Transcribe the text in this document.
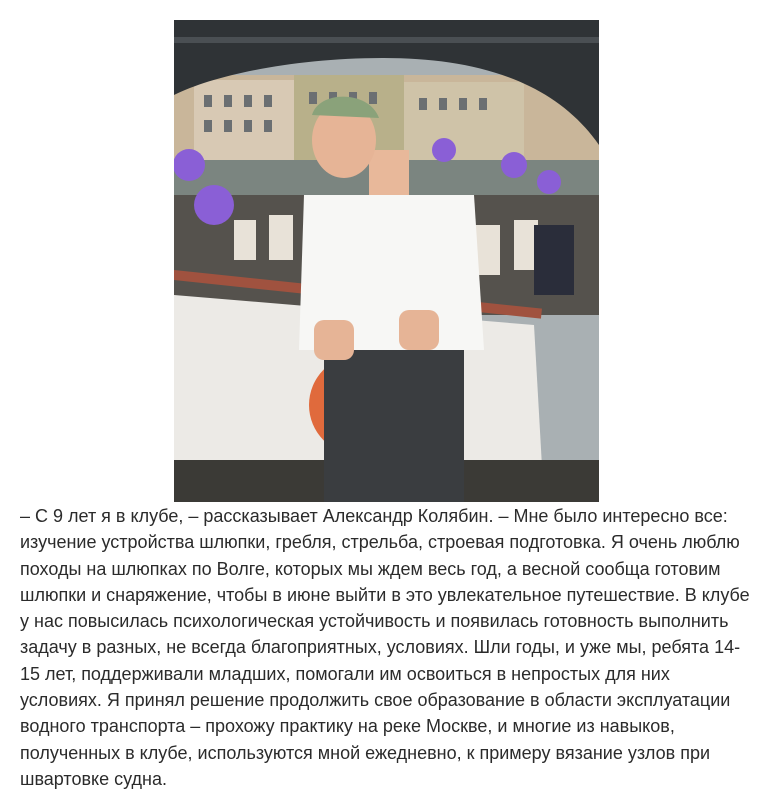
– С 9 лет я в клубе, – рассказывает Александр Колябин. – Мне было интересно все:
изучение устройства шлюпки, гребля, стрельба, строевая подготовка. Я очень люблю
походы на шлюпках по Волге, которых мы ждем весь год, а весной сообща готовим
шлюпки и снаряжение, чтобы в июне выйти в это увлекательное путешествие. В клубе
у нас повысилась психологическая устойчивость и появилась готовность выполнить
задачу в разных, не всегда благоприятных, условиях. Шли годы, и уже мы, ребята 14-
15 лет, поддерживали младших, помогали им освоиться в непростых для них
условиях. Я принял решение продолжить свое образование в области эксплуатации
водного транспорта – прохожу практику на реке Москве, и многие из навыков,
полученных в клубе, используются мной ежедневно, к примеру вязание узлов при
швартовке судна.
